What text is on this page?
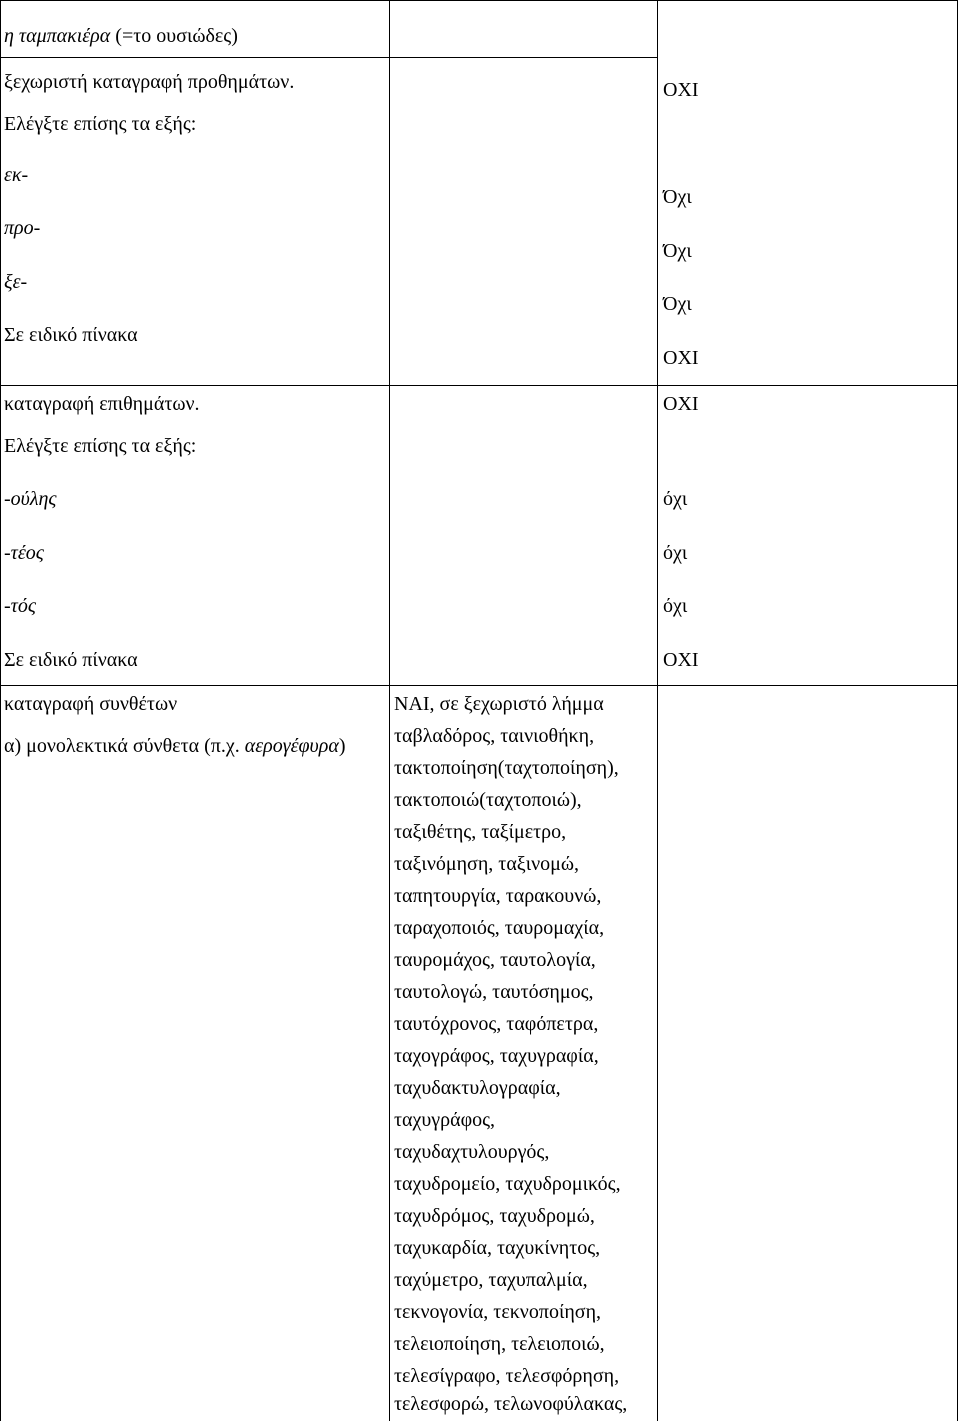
η ταμπακιέρα (=το ουσιώδες)
ξεχωριστή καταγραφή προθημάτων.
Ελέγξτε επίσης τα εξής:
εκ-
προ-
ξε-
Σε ειδικό πίνακα
καταγραφή επιθημάτων.
Ελέγξτε επίσης τα εξής:
-ούλης
-τέος
-τός
Σε ειδικό πίνακα
καταγραφή συνθέτων
α) μονολεκτικά σύνθετα (π.χ. αερογέφυρα)
ΟΧΙ
Όχι
Όχι
Όχι
ΟΧΙ
ΟΧΙ
όχι
όχι
όχι
ΟΧΙ
ΝΑΙ, σε ξεχωριστό λήμμα
ταβλαδόρος, ταινιοθήκη,
τακτοποίηση(ταχτοποίηση),
τακτοποιώ(ταχτοποιώ),
ταξιθέτης, ταξίμετρο,
ταξινόμηση, ταξινομώ,
ταπητουργία, ταρακουνώ,
ταραχοποιός, ταυρομαχία,
ταυρομάχος, ταυτολογία,
ταυτολογώ, ταυτόσημος,
ταυτόχρονος, ταφόπετρα,
ταχογράφος, ταχυγραφία,
ταχυδακτυλογραφία,
ταχυγράφος,
ταχυδαχτυλουργός,
ταχυδρομείο, ταχυδρομικός,
ταχυδρόμος, ταχυδρομώ,
ταχυκαρδία, ταχυκίνητος,
ταχύμετρο, ταχυπαλμία,
τεκνογονία, τεκνοποίηση,
τελειοποίηση, τελειοποιώ,
τελεσίγραφο, τελεσφόρηση,
τελεσφορώ, τελωνοφύλακας,
